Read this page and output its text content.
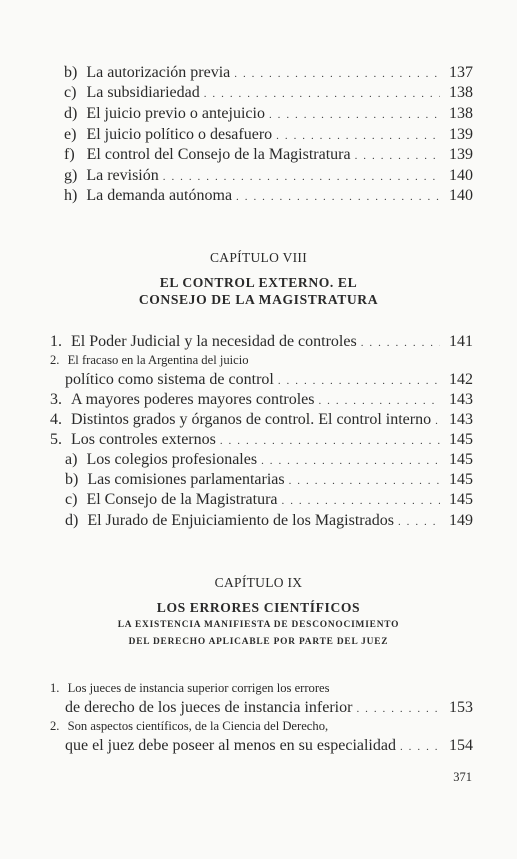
b) La autorización previa . . .	137
c) La subsidiariedad . . .	138
d) El juicio previo o antejuicio . . .	138
e) El juicio político o desafuero . . .	139
f) El control del Consejo de la Magistratura . . .	139
g) La revisión . . .	140
h) La demanda autónoma . . .	140
CAPÍTULO VIII
EL CONTROL EXTERNO. EL
CONSEJO DE LA MAGISTRATURA
1. El Poder Judicial y la necesidad de controles . . .	141
2. El fracaso en la Argentina del juicio
político como sistema de control . . .	142
3. A mayores poderes mayores controles . . .	143
4. Distintos grados y órganos de control. El control interno . . .	143
5. Los controles externos . . .	145
a) Los colegios profesionales . . .	145
b) Las comisiones parlamentarias . . .	145
c) El Consejo de la Magistratura . . .	145
d) El Jurado de Enjuiciamiento de los Magistrados . . .	149
CAPÍTULO IX
LOS ERRORES CIENTÍFICOS
LA EXISTENCIA MANIFIESTA DE DESCONOCIMIENTO
DEL DERECHO APLICABLE POR PARTE DEL JUEZ
1. Los jueces de instancia superior corrigen los errores
de derecho de los jueces de instancia inferior . . .	153
2. Son aspectos científicos, de la Ciencia del Derecho,
que el juez debe poseer al menos en su especialidad . . .	154
371
